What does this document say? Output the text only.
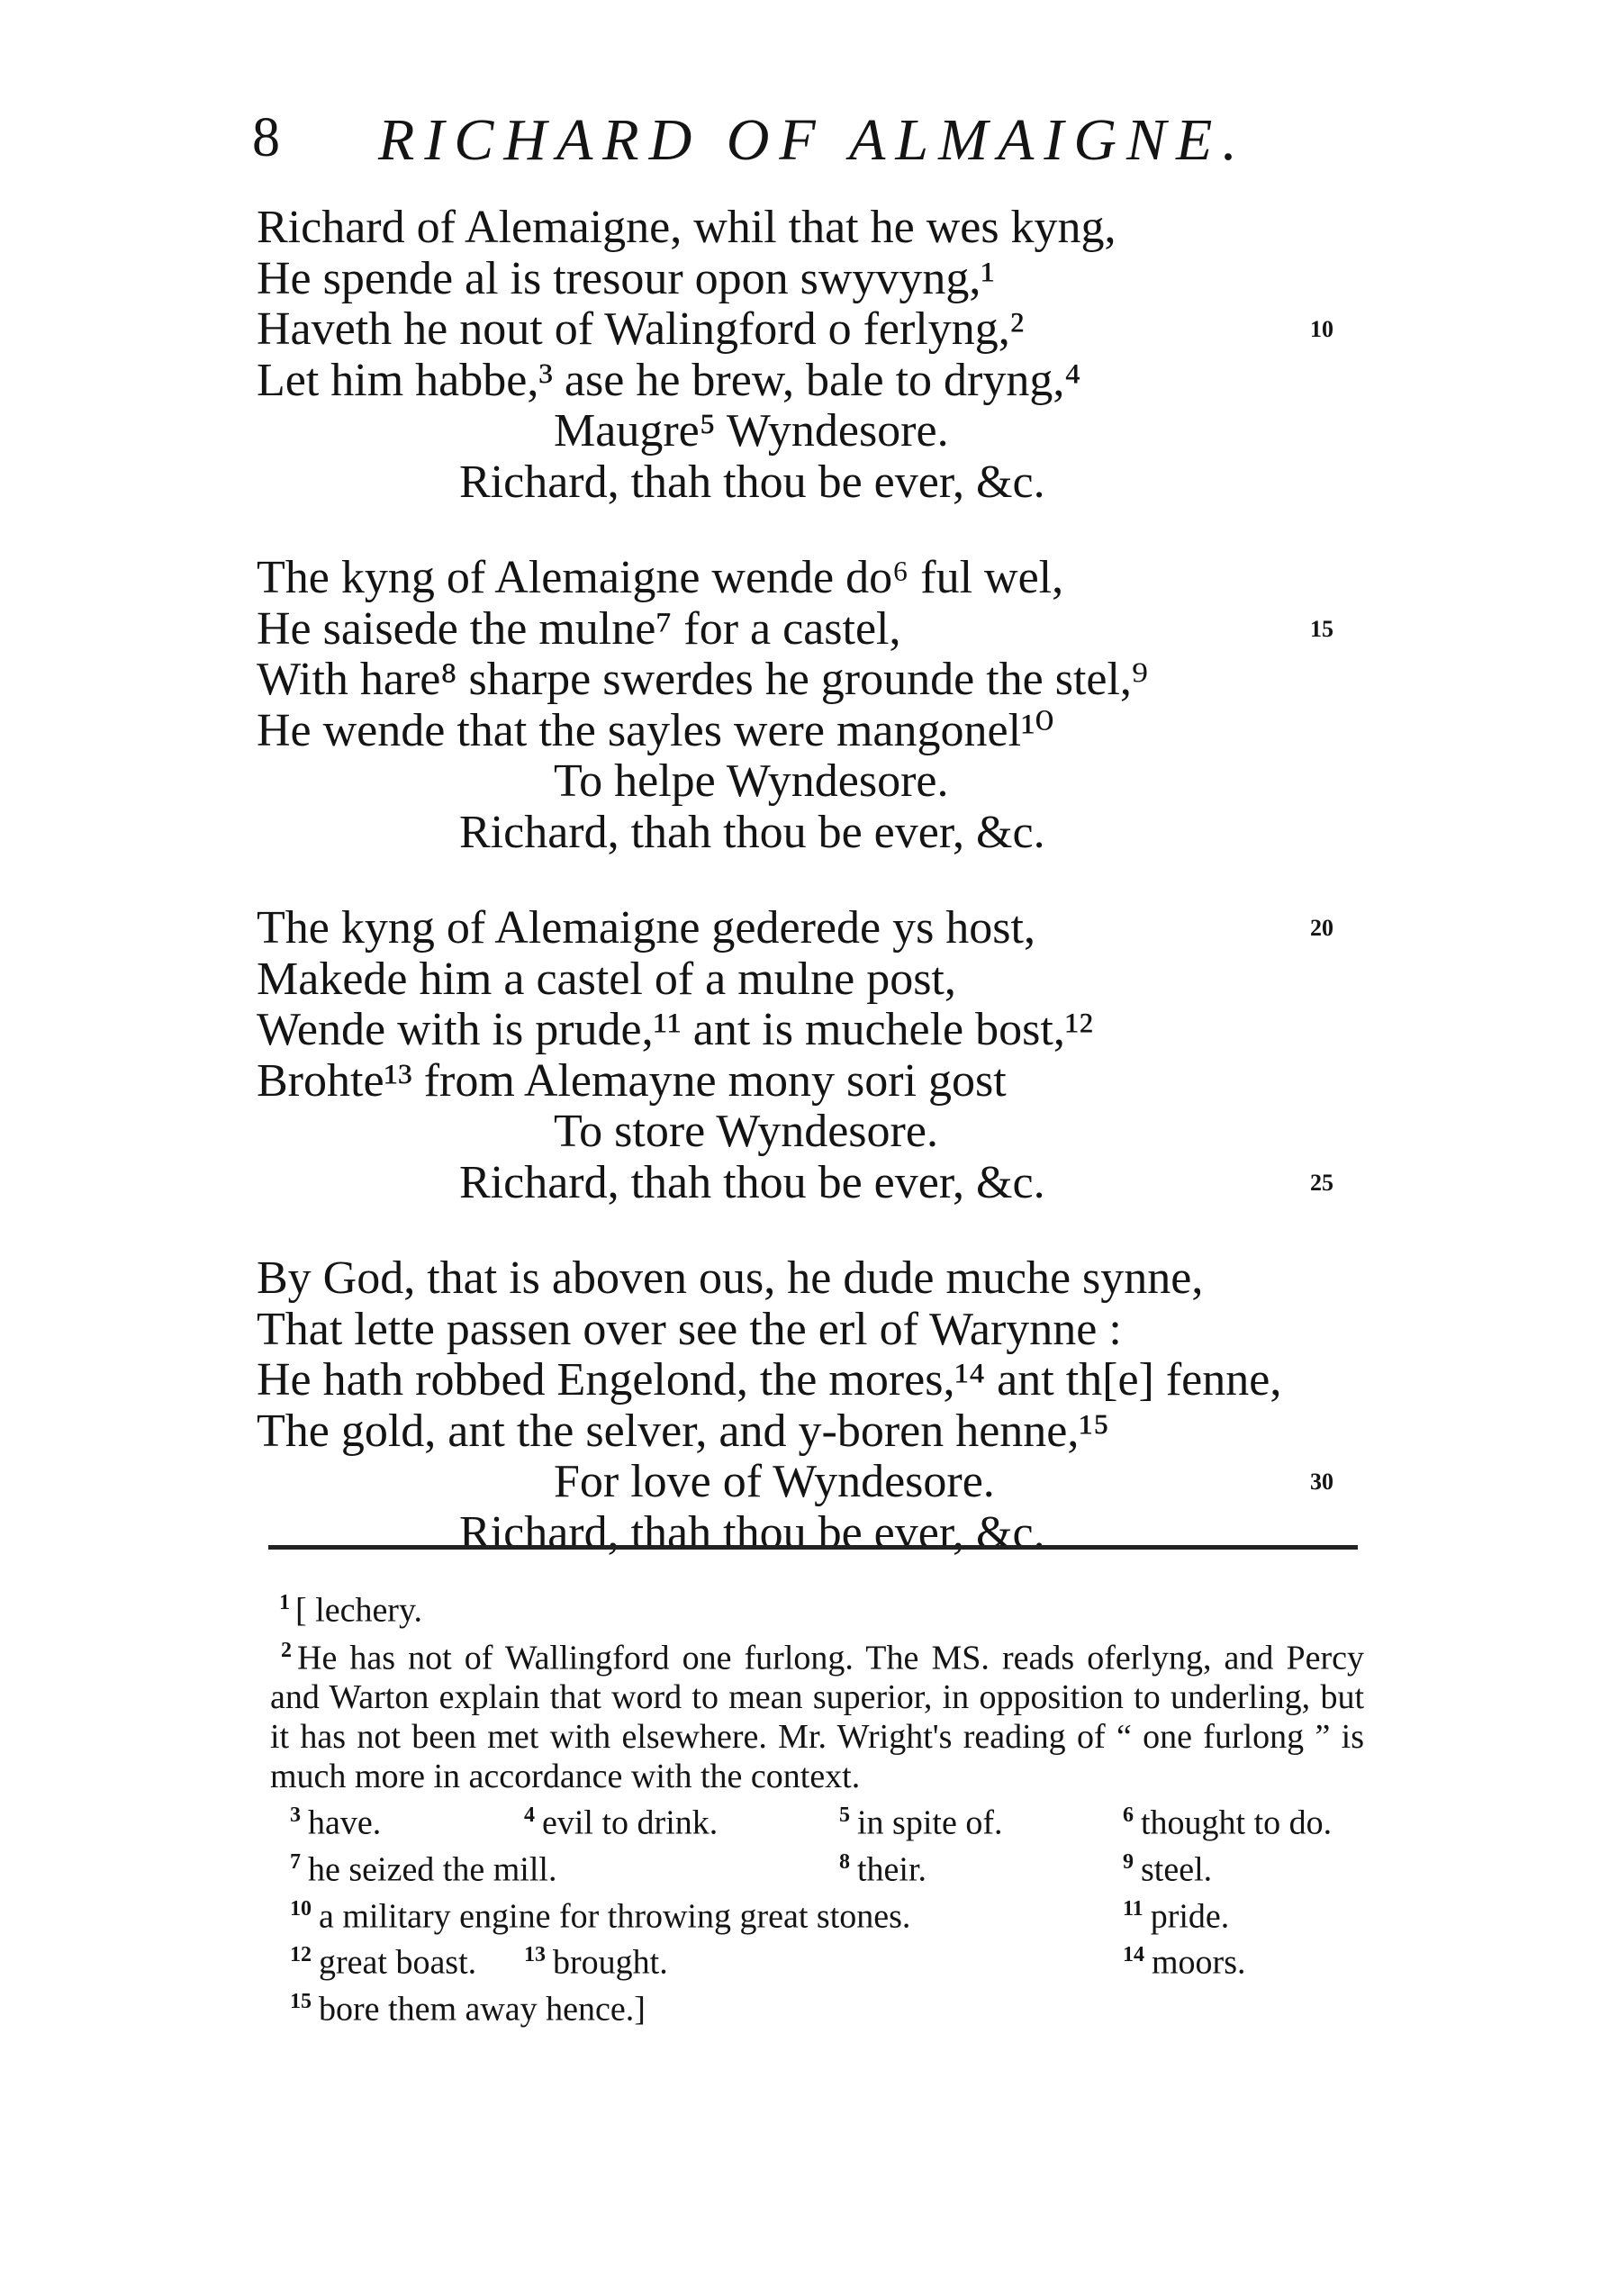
8 RICHARD OF ALMAIGNE.
Richard of Alemaigne, whil that he wes kyng,
He spende al is tresour opon swyvyng,¹
Haveth he nout of Walingford o ferlyng,²	10
Let him habbe,³ ase he brew, bale to dryng,⁴
Maugre⁵ Wyndesore.
Richard, thah thou be ever, &c.
The kyng of Alemaigne wende do⁶ ful wel,
He saisede the mulne⁷ for a castel,	15
With hare⁸ sharpe swerdes he grounde the stel,⁹
He wende that the sayles were mangonel¹⁰
To helpe Wyndesore.
Richard, thah thou be ever, &c.
The kyng of Alemaigne gederede ys host,	20
Makede him a castel of a mulne post,
Wende with is prude,¹¹ ant is muchele bost,¹²
Brohte¹³ from Alemayne mony sori gost
To store Wyndesore.
Richard, thah thou be ever, &c.	25
By God, that is aboven ous, he dude muche synne,
That lette passen over see the erl of Warynne :
He hath robbed Engelond, the mores,¹⁴ ant th[e] fenne,
The gold, ant the selver, and y-boren henne,¹⁵
For love of Wyndesore.	30
Richard, thah thou be ever, &c.
$^1$ [ lechery.
$^2$ He has not of Wallingford one furlong. The MS. reads oferlyng, and Percy and Warton explain that word to mean superior, in opposition to underling, but it has not been met with elsewhere. Mr. Wright's reading of “ one furlong ” is much more in accordance with the context.
$^3$ have.	$^4$ evil to drink.	$^5$ in spite of.	$^6$ thought to do.
$^7$ he seized the mill.	$^8$ their.	$^9$ steel.
$^{10}$ a military engine for throwing great stones.	$^{11}$ pride.
$^{12}$ great boast.	$^{13}$ brought.	$^{14}$ moors.
$^{15}$ bore them away hence.]
